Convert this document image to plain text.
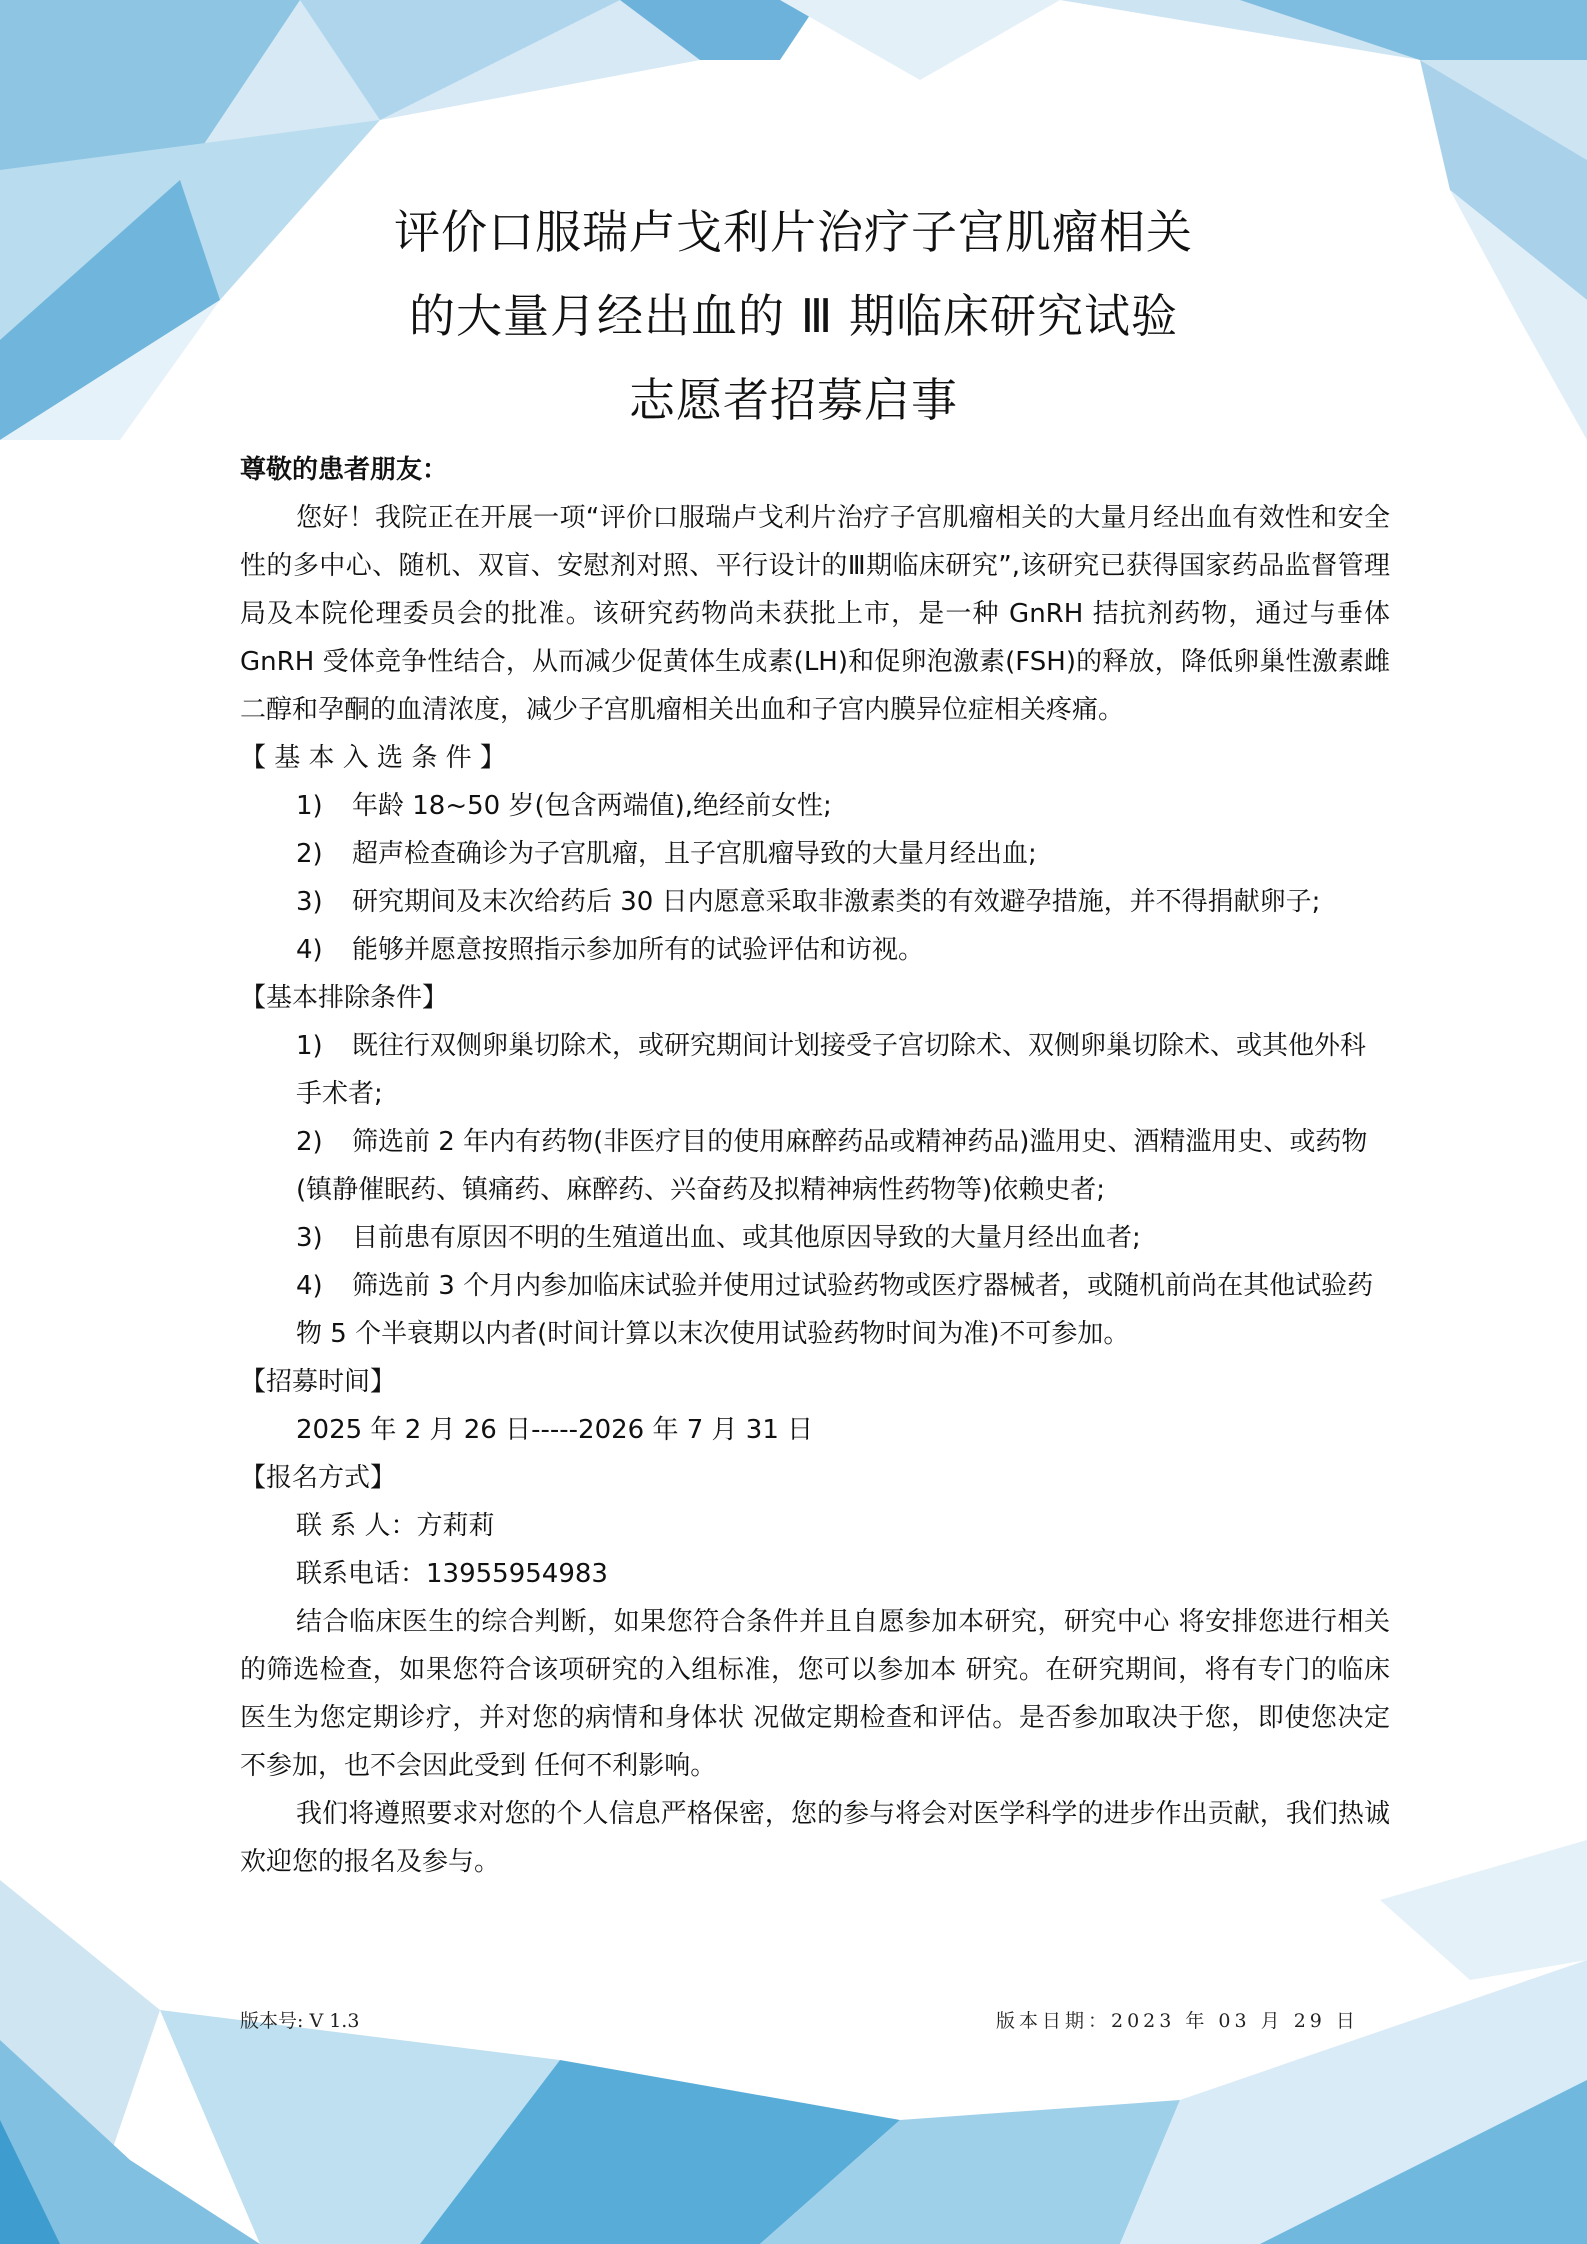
评价口服瑞卢戈利片治疗子宫肌瘤相关
的大量月经出血的 Ⅲ 期临床研究试验
志愿者招募启事

尊敬的患者朋友：

您好！我院正在开展一项“评价口服瑞卢戈利片治疗子宫肌瘤相关的大量月经出血有效性和安全性的多中心、随机、双盲、安慰剂对照、平行设计的Ⅲ期临床研究”,该研究已获得国家药品监督管理局及本院伦理委员会的批准。该研究药物尚未获批上市，是一种 GnRH 拮抗剂药物，通过与垂体 GnRH 受体竞争性结合，从而减少促黄体生成素(LH)和促卵泡激素(FSH)的释放，降低卵巢性激素雌二醇和孕酮的血清浓度，减少子宫肌瘤相关出血和子宫内膜异位症相关疼痛。

【 基 本 入 选 条 件 】

1)	年龄 18~50 岁(包含两端值),绝经前女性;
2)	超声检查确诊为子宫肌瘤，且子宫肌瘤导致的大量月经出血;
3)	研究期间及末次给药后 30 日内愿意采取非激素类的有效避孕措施，并不得捐献卵子;
4)	能够并愿意按照指示参加所有的试验评估和访视。

【基本排除条件】

1) 既往行双侧卵巢切除术，或研究期间计划接受子宫切除术、双侧卵巢切除术、或其他外科手术者;
2) 筛选前 2 年内有药物(非医疗目的使用麻醉药品或精神药品)滥用史、酒精滥用史、或药物(镇静催眠药、镇痛药、麻醉药、兴奋药及拟精神病性药物等)依赖史者;
3) 目前患有原因不明的生殖道出血、或其他原因导致的大量月经出血者;
4) 筛选前 3 个月内参加临床试验并使用过试验药物或医疗器械者，或随机前尚在其他试验药物 5 个半衰期以内者(时间计算以末次使用试验药物时间为准)不可参加。

【招募时间】

2025 年 2 月 26 日-----2026 年 7 月 31 日

【报名方式】

联 系 人：方莉莉

联系电话：13955954983

结合临床医生的综合判断，如果您符合条件并且自愿参加本研究，研究中心 将安排您进行相关的筛选检查，如果您符合该项研究的入组标准，您可以参加本 研究。在研究期间，将有专门的临床医生为您定期诊疗，并对您的病情和身体状 况做定期检查和评估。是否参加取决于您，即使您决定不参加，也不会因此受到 任何不利影响。

我们将遵照要求对您的个人信息严格保密，您的参与将会对医学科学的进步作出贡献，我们热诚欢迎您的报名及参与。

版本号: V 1.3	版本日期：2023 年 03 月 29 日
